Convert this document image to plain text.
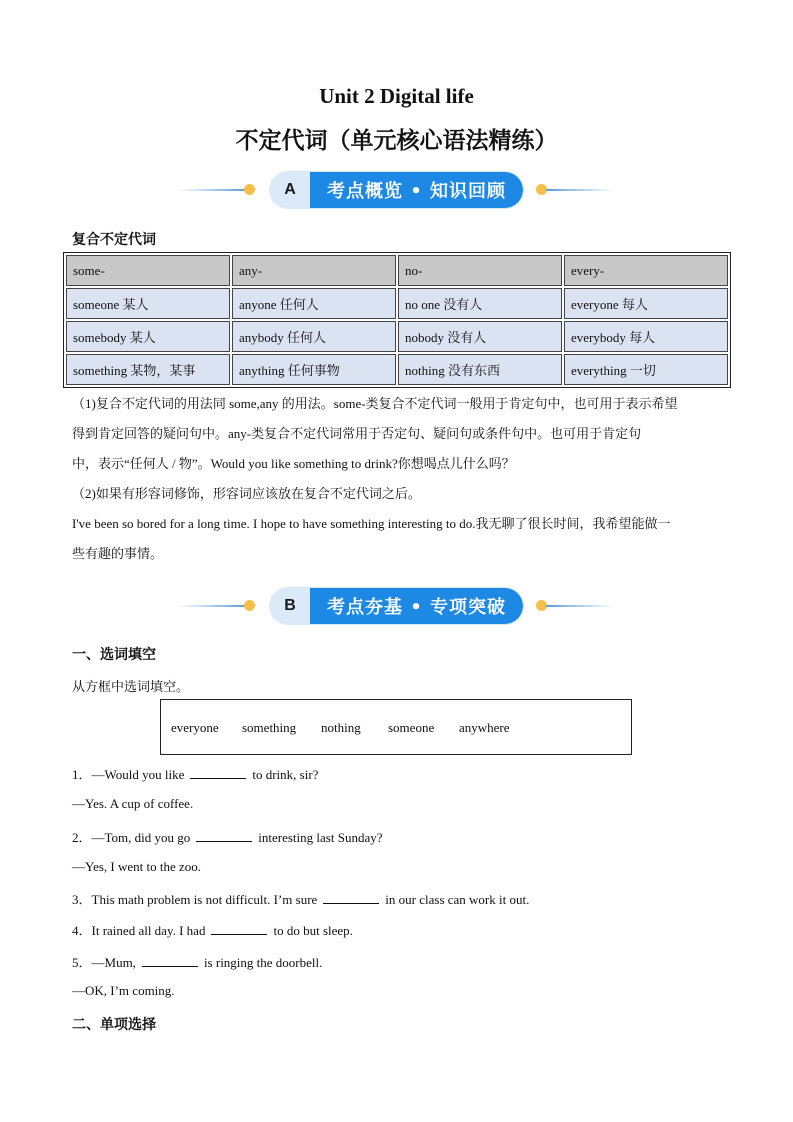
Unit 2 Digital life
不定代词（单元核心语法精练）
A	考点概览 • 知识回顾
复合不定代词
some-	any-	no-	every-
someone 某人	anyone 任何人	no one 没有人	everyone 每人
somebody 某人	anybody 任何人	nobody 没有人	everybody 每人
something 某物，某事	anything 任何事物	nothing 没有东西	everything 一切
（1)复合不定代词的用法同 some,any 的用法。some-类复合不定代词一般用于肯定句中，也可用于表示希望
得到肯定回答的疑问句中。any-类复合不定代词常用于否定句、疑问句或条件句中。也可用于肯定句
中，表示“任何人 / 物”。Would you like something to drink?你想喝点儿什么吗？
（2)如果有形容词修饰，形容词应该放在复合不定代词之后。
I've been so bored for a long time. I hope to have something interesting to do.我无聊了很长时间，我希望能做一
些有趣的事情。
B	考点夯基 • 专项突破
一、选词填空
从方框中选词填空。
everyone something nothing someone anywhere
1．—Would you like	to drink, sir?
—Yes. A cup of coffee.
2．—Tom, did you go	interesting last Sunday?
—Yes, I went to the zoo.
3．This math problem is not difficult. I’m sure	in our class can work it out.
4．It rained all day. I had	to do but sleep.
5．—Mum,	is ringing the doorbell.
—OK, I’m coming.
二、单项选择
